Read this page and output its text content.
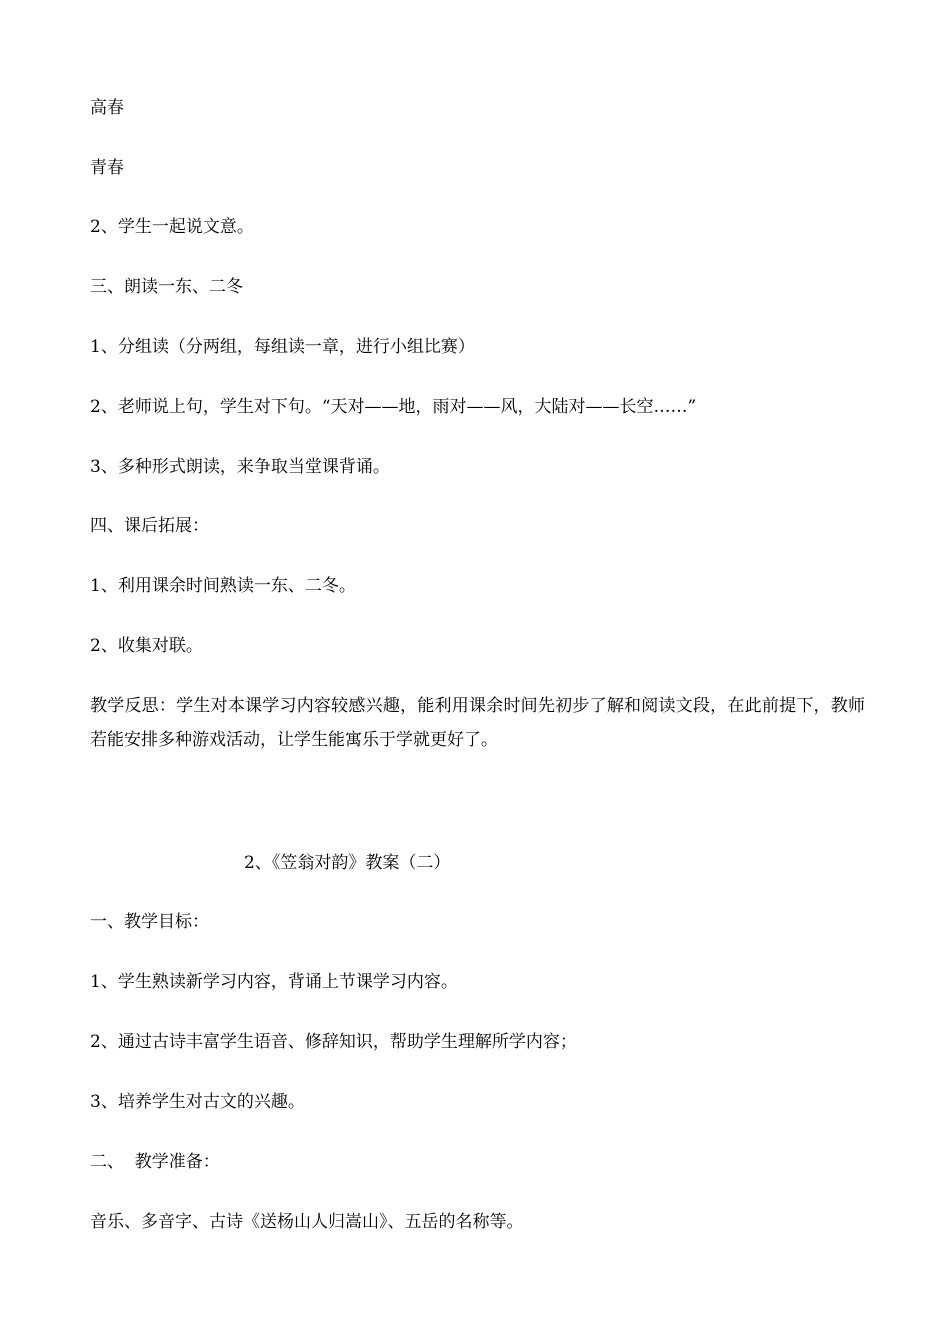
高春
青春
2、学生一起说文意。
三、朗读一东、二冬
1、分组读（分两组，每组读一章，进行小组比赛）
2、老师说上句，学生对下句。“天对——地，雨对——风，大陆对——长空……”
3、多种形式朗读，来争取当堂课背诵。
四、课后拓展：
1、利用课余时间熟读一东、二冬。
2、收集对联。
教学反思：学生对本课学习内容较感兴趣，能利用课余时间先初步了解和阅读文段，在此前提下，教师若能安排多种游戏活动，让学生能寓乐于学就更好了。
2、《笠翁对韵》教案（二）
一、教学目标：
1、学生熟读新学习内容，背诵上节课学习内容。
2、通过古诗丰富学生语音、修辞知识，帮助学生理解所学内容；
3、培养学生对古文的兴趣。
二、  教学准备：
音乐、多音字、古诗《送杨山人归嵩山》、五岳的名称等。
